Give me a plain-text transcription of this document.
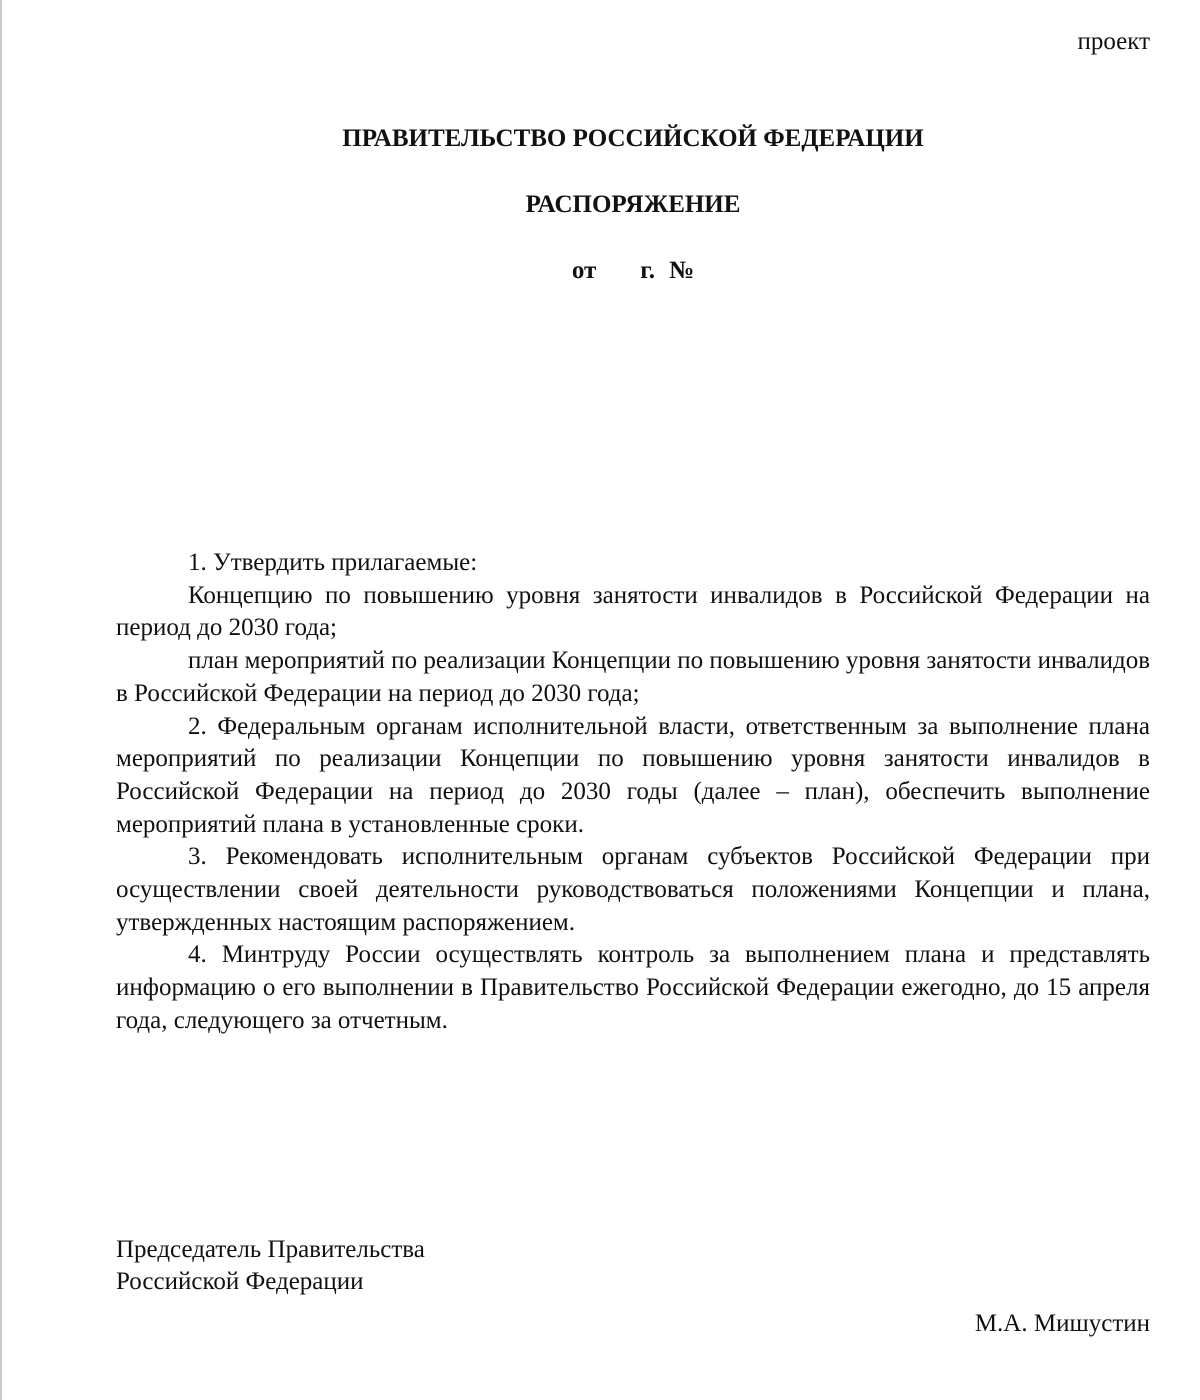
проект
ПРАВИТЕЛЬСТВО РОССИЙСКОЙ ФЕДЕРАЦИИ
РАСПОРЯЖЕНИЕ
от г. №

1. Утвердить прилагаемые:

Концепцию по повышению уровня занятости инвалидов в Российской Федерации на период до 2030 года;

план мероприятий по реализации Концепции по повышению уровня занятости инвалидов в Российской Федерации на период до 2030 года;

2. Федеральным органам исполнительной власти, ответственным за выполнение плана мероприятий по реализации Концепции по повышению уровня занятости инвалидов в Российской Федерации на период до 2030 годы (далее – план), обеспечить выполнение мероприятий плана в установленные сроки.

3. Рекомендовать исполнительным органам субъектов Российской Федерации при осуществлении своей деятельности руководствоваться положениями Концепции и плана, утвержденных настоящим распоряжением.

4. Минтруду России осуществлять контроль за выполнением плана и представлять информацию о его выполнении в Правительство Российской Федерации ежегодно, до 15 апреля года, следующего за отчетным.

Председатель Правительства
Российской Федерации
М.А. Мишустин
